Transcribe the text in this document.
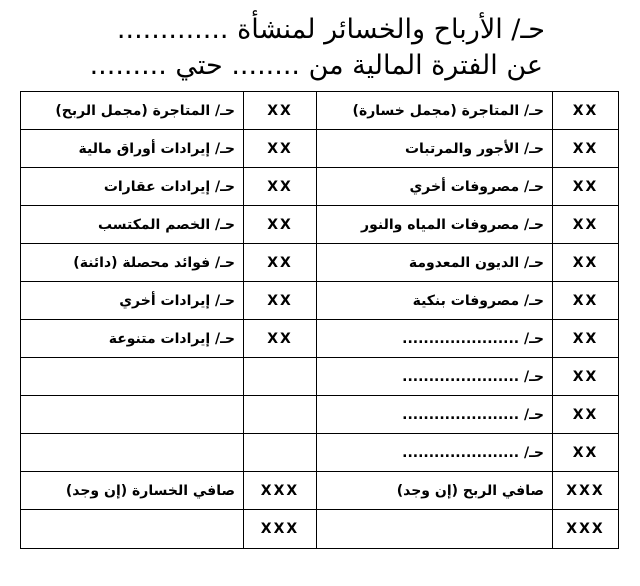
حـ/ الأرباح والخسائر لمنشأة .............
عن الفترة المالية من ........ حتي .........
XX	حـ/ المتاجرة (مجمل خسارة)	XX	حـ/ المتاجرة (مجمل الربح)
XX	حـ/ الأجور والمرتبات	XX	حـ/ إيرادات أوراق مالية
XX	حـ/ مصروفات أخري	XX	حـ/ إيرادات عقارات
XX	حـ/ مصروفات المياه والنور	XX	حـ/ الخصم المكتسب
XX	حـ/ الديون المعدومة	XX	حـ/ فوائد محصلة (دائنة)
XX	حـ/ مصروفات بنكية	XX	حـ/ إيرادات أخري
XX	حـ/ ......................	XX	حـ/ إيرادات متنوعة
XX	حـ/ ......................		
XX	حـ/ ......................		
XX	حـ/ ......................		
XXX	صافي الربح (إن وجد)	XXX	صافي الخسارة (إن وجد)
XXX		XXX	
